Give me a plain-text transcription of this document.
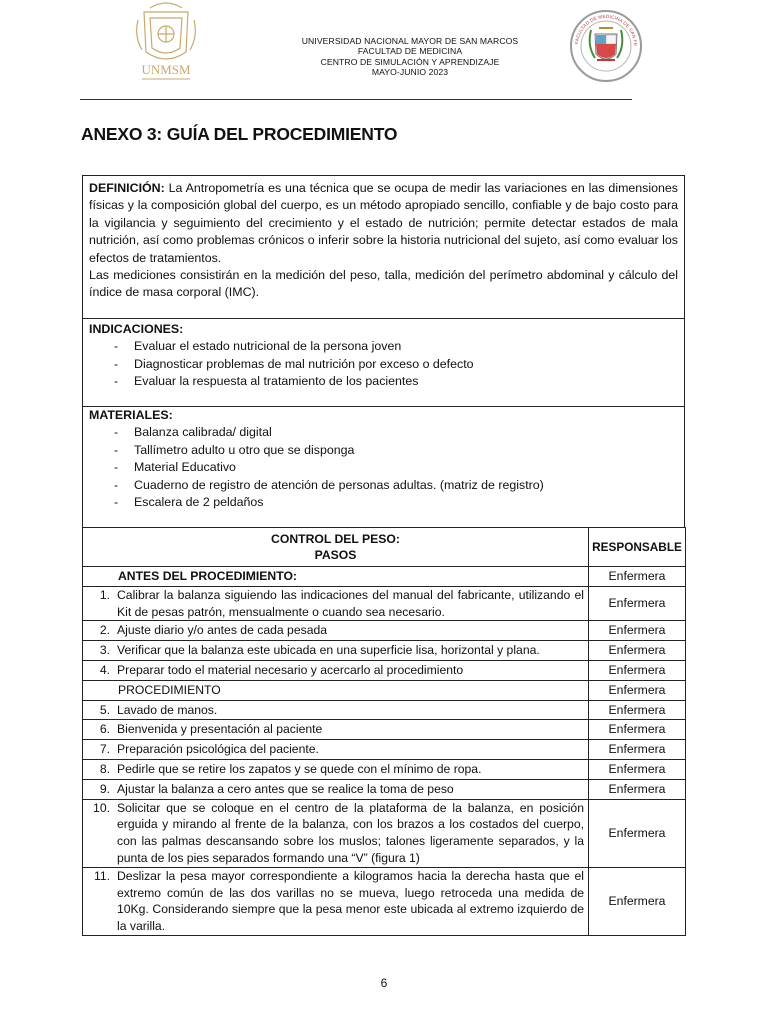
UNMSM
UNIVERSIDAD NACIONAL MAYOR DE SAN MARCOS
FACULTAD DE MEDICINA
CENTRO DE SIMULACIÓN Y APRENDIZAJE
MAYO-JUNIO 2023
FACULTAD DE MEDICINA DE SAN FE
ANEXO 3: GUÍA DEL PROCEDIMIENTO

DEFINICIÓN: La Antropometría es una técnica que se ocupa de medir las variaciones en las dimensiones físicas y la composición global del cuerpo, es un método apropiado sencillo, confiable y de bajo costo para la vigilancia y seguimiento del crecimiento y el estado de nutrición; permite detectar estados de mala nutrición, así como problemas crónicos o inferir sobre la historia nutricional del sujeto, así como evaluar los efectos de tratamientos.

Las mediciones consistirán en la medición del peso, talla, medición del perímetro abdominal y cálculo del índice de masa corporal (IMC).

INDICACIONES:
- Evaluar el estado nutricional de la persona joven
- Diagnosticar problemas de mal nutrición por exceso o defecto
- Evaluar la respuesta al tratamiento de los pacientes
MATERIALES:
- Balanza calibrada/ digital
- Tallímetro adulto u otro que se disponga
- Material Educativo
- Cuaderno de registro de atención de personas adultas. (matriz de registro)
- Escalera de 2 peldaños
CONTROL DEL PESO:
PASOS	RESPONSABLE
ANTES DEL PROCEDIMIENTO:	Enfermera

1. Calibrar la balanza siguiendo las indicaciones del manual del fabricante, utilizando el Kit de pesas patrón, mensualmente o cuando sea necesario.	Enfermera

2. Ajuste diario y/o antes de cada pesada	Enfermera

3. Verificar que la balanza este ubicada en una superficie lisa, horizontal y plana.	Enfermera

4. Preparar todo el material necesario y acercarlo al procedimiento	Enfermera
PROCEDIMIENTO	Enfermera

5. Lavado de manos.	Enfermera

6. Bienvenida y presentación al paciente	Enfermera

7. Preparación psicológica del paciente.	Enfermera

8. Pedirle que se retire los zapatos y se quede con el mínimo de ropa.	Enfermera

9. Ajustar la balanza a cero antes que se realice la toma de peso	Enfermera

10. Solicitar que se coloque en el centro de la plataforma de la balanza, en posición erguida y mirando al frente de la balanza, con los brazos a los costados del cuerpo, con las palmas descansando sobre los muslos; talones ligeramente separados, y la punta de los pies separados formando una “V” (figura 1)	Enfermera

11. Deslizar la pesa mayor correspondiente a kilogramos hacia la derecha hasta que el extremo común de las dos varillas no se mueva, luego retroceda una medida de 10Kg. Considerando siempre que la pesa menor este ubicada al extremo izquierdo de la varilla.	Enfermera
6
